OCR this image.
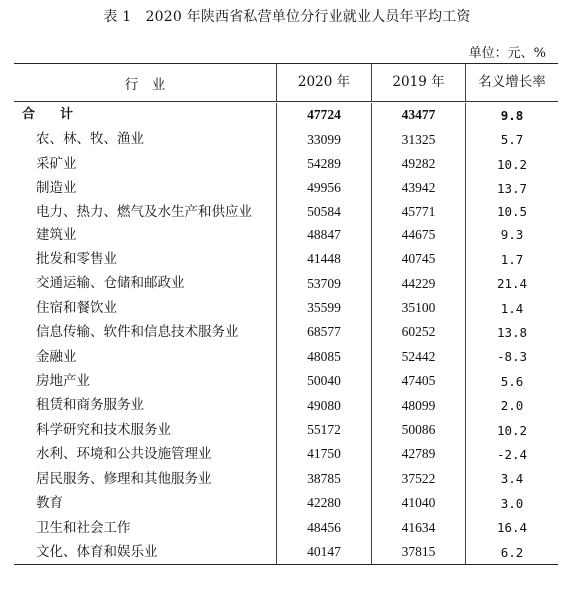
表 1　2020 年陕西省私营单位分行业就业人员年平均工资
单位：元、%
行　业	2020 年	2019 年	名义增长率
合　计	47724	43477	9.8
农、林、牧、渔业	33099	31325	5.7
采矿业	54289	49282	10.2
制造业	49956	43942	13.7
电力、热力、燃气及水生产和供应业	50584	45771	10.5
建筑业	48847	44675	9.3
批发和零售业	41448	40745	1.7
交通运输、仓储和邮政业	53709	44229	21.4
住宿和餐饮业	35599	35100	1.4
信息传输、软件和信息技术服务业	68577	60252	13.8
金融业	48085	52442	-8.3
房地产业	50040	47405	5.6
租赁和商务服务业	49080	48099	2.0
科学研究和技术服务业	55172	50086	10.2
水利、环境和公共设施管理业	41750	42789	-2.4
居民服务、修理和其他服务业	38785	37522	3.4
教育	42280	41040	3.0
卫生和社会工作	48456	41634	16.4
文化、体育和娱乐业	40147	37815	6.2
